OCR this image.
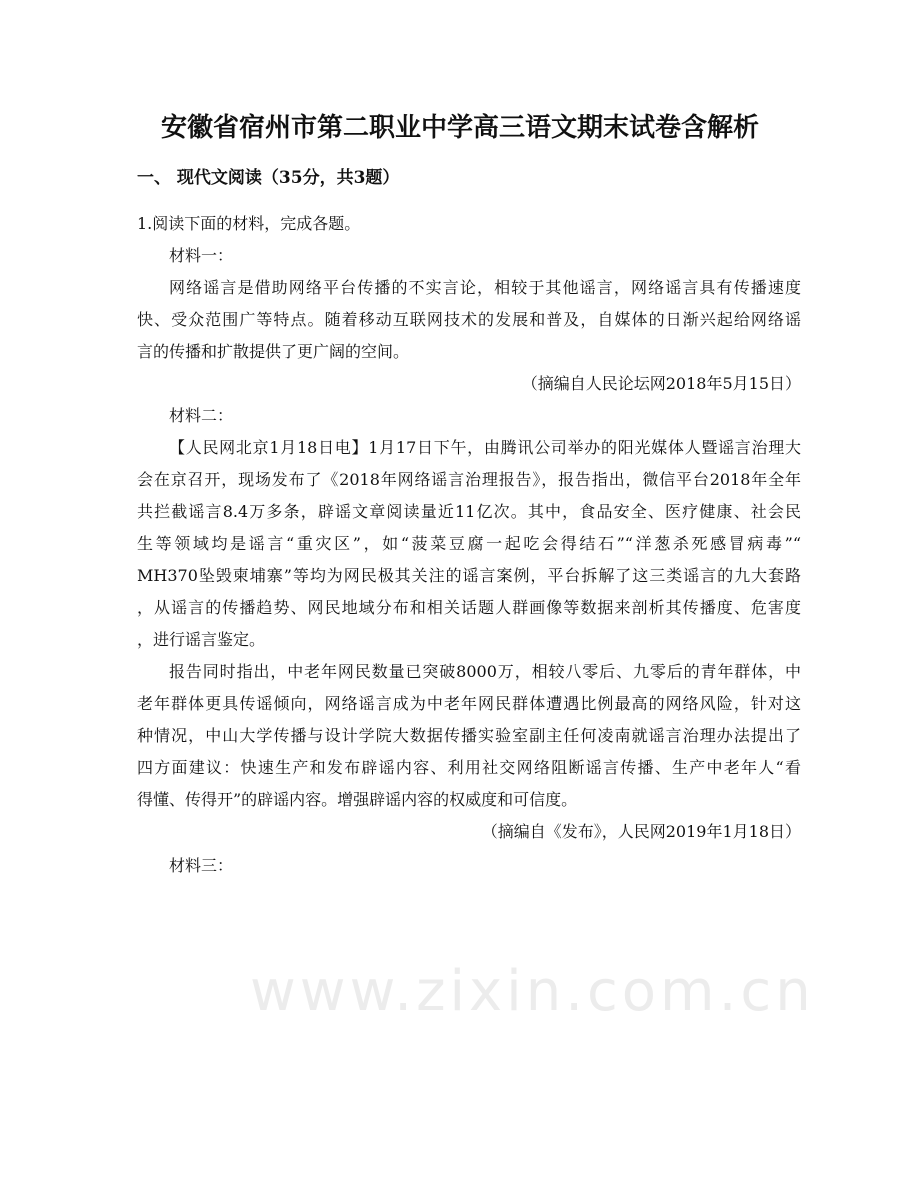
www.zixin.com.cn
安徽省宿州市第二职业中学高三语文期末试卷含解析
一、 现代文阅读（35分，共3题）
1.阅读下面的材料，完成各题。
材料一：
网络谣言是借助网络平台传播的不实言论，相较于其他谣言，网络谣言具有传播速度
快、受众范围广等特点。随着移动互联网技术的发展和普及，自媒体的日渐兴起给网络谣
言的传播和扩散提供了更广阔的空间。
（摘编自人民论坛网2018年5月15日）
材料二：
【人民网北京1月18日电】1月17日下午，由腾讯公司举办的阳光媒体人暨谣言治理大
会在京召开，现场发布了《2018年网络谣言治理报告》，报告指出，微信平台2018年全年
共拦截谣言8.4万多条，辟谣文章阅读量近11亿次。其中，食品安全、医疗健康、社会民
生等领域均是谣言“重灾区”，如“菠菜豆腐一起吃会得结石”“洋葱杀死感冒病毒”“
MH370坠毁柬埔寨”等均为网民极其关注的谣言案例，平台拆解了这三类谣言的九大套路
，从谣言的传播趋势、网民地域分布和相关话题人群画像等数据来剖析其传播度、危害度
，进行谣言鉴定。
报告同时指出，中老年网民数量已突破8000万，相较八零后、九零后的青年群体，中
老年群体更具传谣倾向，网络谣言成为中老年网民群体遭遇比例最高的网络风险，针对这
种情况，中山大学传播与设计学院大数据传播实验室副主任何凌南就谣言治理办法提出了
四方面建议：快速生产和发布辟谣内容、利用社交网络阻断谣言传播、生产中老年人“看
得懂、传得开”的辟谣内容。增强辟谣内容的权威度和可信度。
（摘编自《发布》，人民网2019年1月18日）
材料三：
